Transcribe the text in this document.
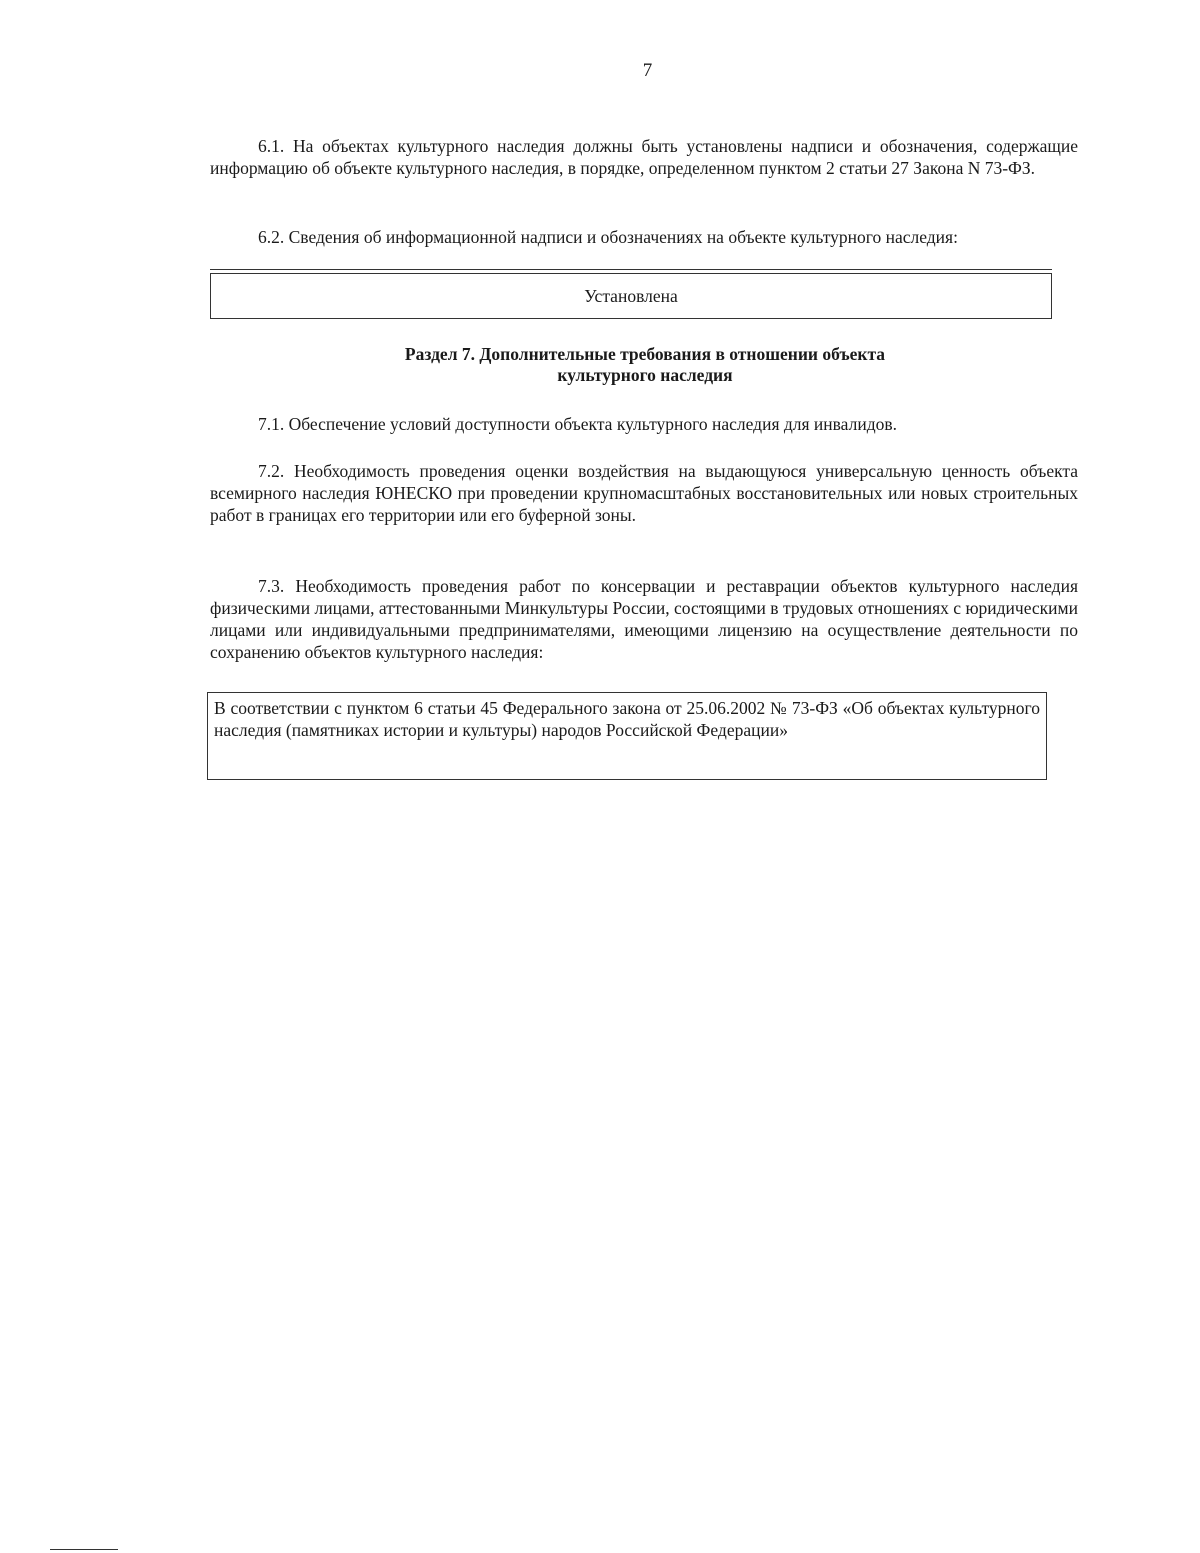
7

6.1. На объектах культурного наследия должны быть установлены надписи и обозначения, содержащие информацию об объекте культурного наследия, в порядке, определенном пунктом 2 статьи 27 Закона N 73-ФЗ.

6.2. Сведения об информационной надписи и обозначениях на объекте культурного наследия:

Установлена
Раздел 7. Дополнительные требования в отношении объекта
культурного наследия

7.1. Обеспечение условий доступности объекта культурного наследия для инвалидов.

7.2. Необходимость проведения оценки воздействия на выдающуюся универсальную ценность объекта всемирного наследия ЮНЕСКО при проведении крупномасштабных восстановительных или новых строительных работ в границах его территории или его буферной зоны.

7.3. Необходимость проведения работ по консервации и реставрации объектов культурного наследия физическими лицами, аттестованными Минкультуры России, состоящими в трудовых отношениях с юридическими лицами или индивидуальными предпринимателями, имеющими лицензию на осуществление деятельности по сохранению объектов культурного наследия:

В соответствии с пунктом 6 статьи 45 Федерального закона от 25.06.2002 № 73-ФЗ «Об объектах культурного наследия (памятниках истории и культуры) народов Российской Федерации»
